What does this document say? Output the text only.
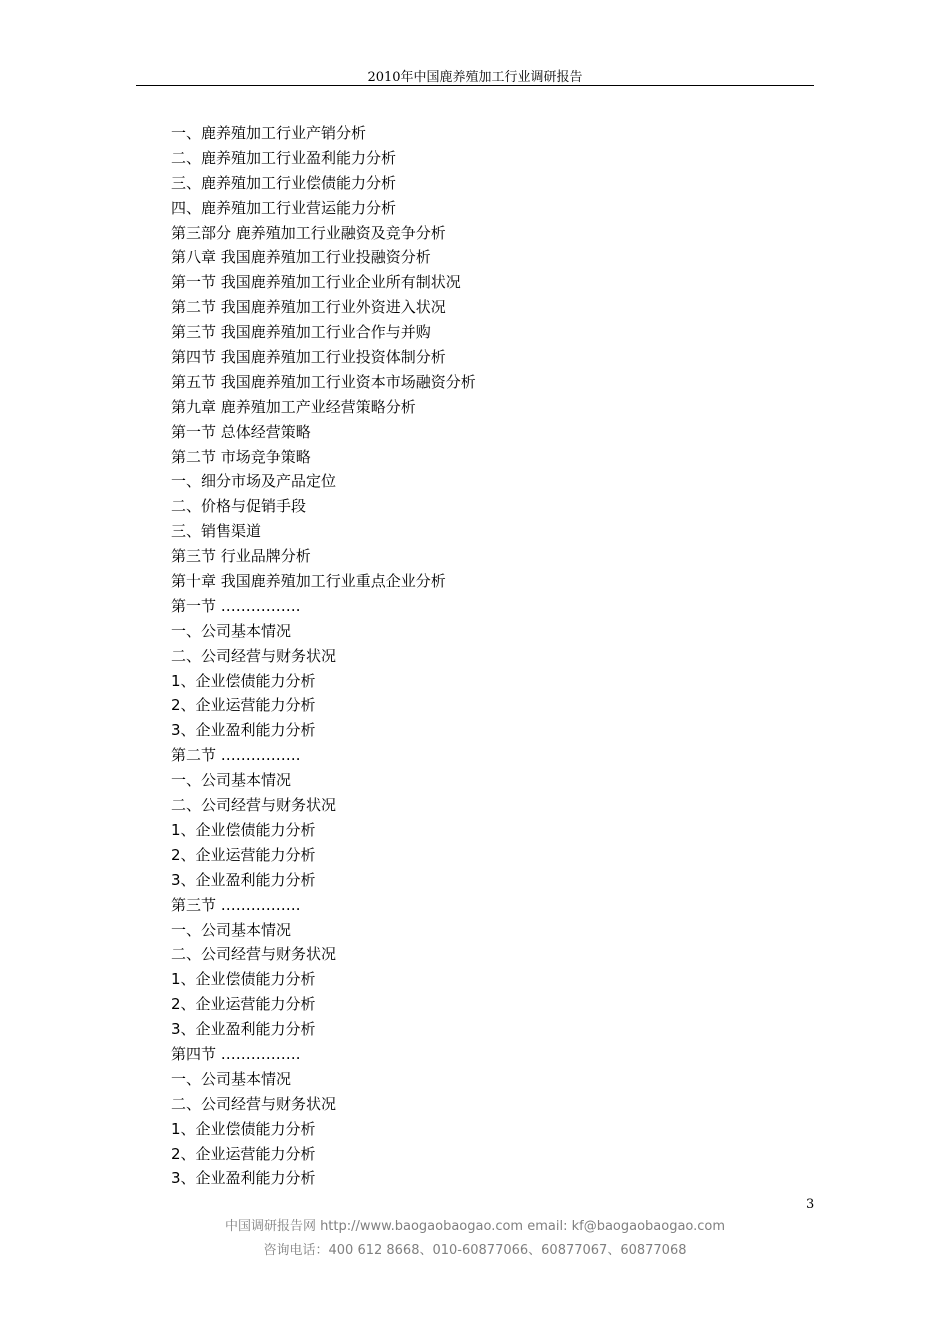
2010年中国鹿养殖加工行业调研报告
一、鹿养殖加工行业产销分析
二、鹿养殖加工行业盈利能力分析
三、鹿养殖加工行业偿债能力分析
四、鹿养殖加工行业营运能力分析
第三部分 鹿养殖加工行业融资及竞争分析
第八章 我国鹿养殖加工行业投融资分析
第一节 我国鹿养殖加工行业企业所有制状况
第二节 我国鹿养殖加工行业外资进入状况
第三节 我国鹿养殖加工行业合作与并购
第四节 我国鹿养殖加工行业投资体制分析
第五节 我国鹿养殖加工行业资本市场融资分析
第九章 鹿养殖加工产业经营策略分析
第一节 总体经营策略
第二节 市场竞争策略
一、细分市场及产品定位
二、价格与促销手段
三、销售渠道
第三节 行业品牌分析
第十章 我国鹿养殖加工行业重点企业分析
第一节 …………….
一、公司基本情况
二、公司经营与财务状况
1、企业偿债能力分析
2、企业运营能力分析
3、企业盈利能力分析
第二节 …………….
一、公司基本情况
二、公司经营与财务状况
1、企业偿债能力分析
2、企业运营能力分析
3、企业盈利能力分析
第三节 …………….
一、公司基本情况
二、公司经营与财务状况
1、企业偿债能力分析
2、企业运营能力分析
3、企业盈利能力分析
第四节 …………….
一、公司基本情况
二、公司经营与财务状况
1、企业偿债能力分析
2、企业运营能力分析
3、企业盈利能力分析
3
中国调研报告网 http://www.baogaobaogao.com email: kf@baogaobaogao.com
咨询电话：400 612 8668、010-60877066、60877067、60877068
